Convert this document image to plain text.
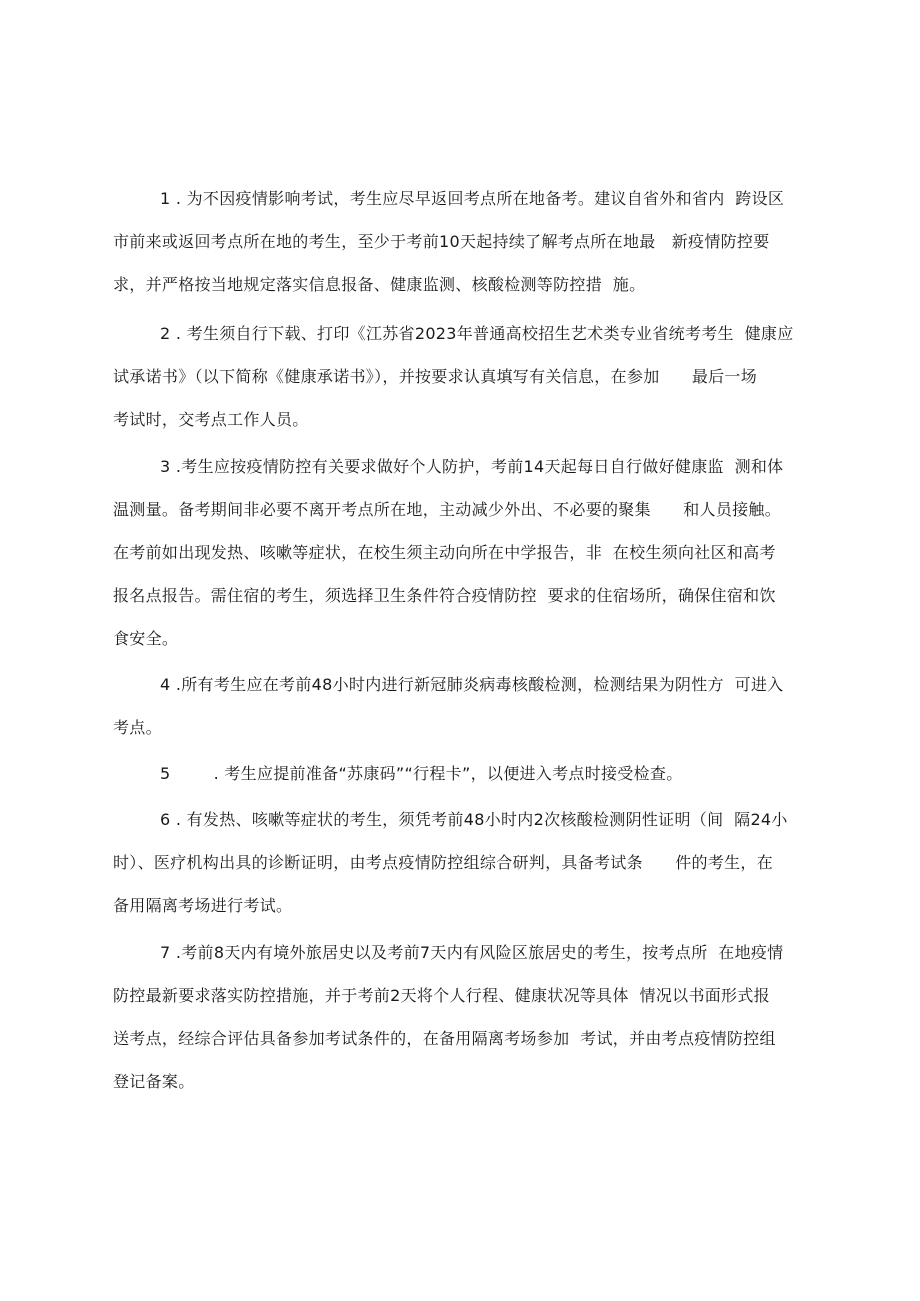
1 . 为不因疫情影响考试，考生应尽早返回考点所在地备考。建议自省外和省内  跨设区
市前来或返回考点所在地的考生，至少于考前10天起持续了解考点所在地最   新疫情防控要
求，并严格按当地规定落实信息报备、健康监测、核酸检测等防控措  施。
2 . 考生须自行下载、打印《江苏省2023年普通高校招生艺术类专业省统考考生  健康应
试承诺书》（以下简称《健康承诺书》），并按要求认真填写有关信息，在参加      最后一场
考试时，交考点工作人员。
3 .考生应按疫情防控有关要求做好个人防护，考前14天起每日自行做好健康监  测和体
温测量。备考期间非必要不离开考点所在地，主动减少外出、不必要的聚集      和人员接触。
在考前如出现发热、咳嗽等症状，在校生须主动向所在中学报告，非  在校生须向社区和高考
报名点报告。需住宿的考生，须选择卫生条件符合疫情防控  要求的住宿场所，确保住宿和饮
食安全。
4 .所有考生应在考前48小时内进行新冠肺炎病毒核酸检测，检测结果为阴性方  可进入
考点。
5        . 考生应提前准备“苏康码”“行程卡”，以便进入考点时接受检查。
6 . 有发热、咳嗽等症状的考生，须凭考前48小时内2次核酸检测阴性证明（间  隔24小
时）、医疗机构出具的诊断证明，由考点疫情防控组综合研判，具备考试条      件的考生，在
备用隔离考场进行考试。
7 .考前8天内有境外旅居史以及考前7天内有风险区旅居史的考生，按考点所  在地疫情
防控最新要求落实防控措施，并于考前2天将个人行程、健康状况等具体  情况以书面形式报
送考点，经综合评估具备参加考试条件的，在备用隔离考场参加  考试，并由考点疫情防控组
登记备案。
